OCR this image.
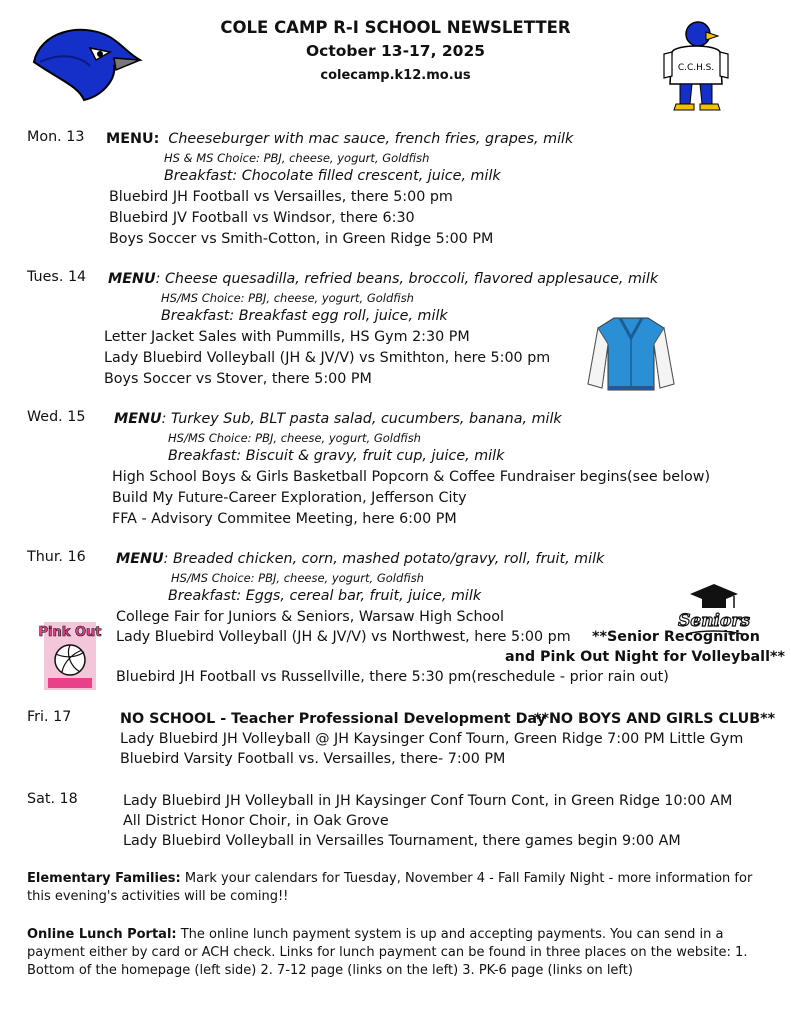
COLE CAMP R-I SCHOOL NEWSLETTER
October 13-17, 2025
colecamp.k12.mo.us	C.C.H.S.
Mon. 13 MENU: Cheeseburger with mac sauce, french fries, grapes, milk
HS & MS Choice: PBJ, cheese, yogurt, Goldfish
Breakfast: Chocolate filled crescent, juice, milk
Bluebird JH Football vs Versailles, there 5:00 pm
Bluebird JV Football vs Windsor, there 6:30
Boys Soccer vs Smith-Cotton, in Green Ridge 5:00 PM
Tues. 14 MENU: Cheese quesadilla, refried beans, broccoli, flavored applesauce, milk
HS/MS Choice: PBJ, cheese, yogurt, Goldfish
Breakfast: Breakfast egg roll, juice, milk
Letter Jacket Sales with Pummills, HS Gym 2:30 PM
Lady Bluebird Volleyball (JH & JV/V) vs Smithton, here 5:00 pm
Boys Soccer vs Stover, there 5:00 PM
Wed. 15 MENU: Turkey Sub, BLT pasta salad, cucumbers, banana, milk
HS/MS Choice: PBJ, cheese, yogurt, Goldfish
Breakfast: Biscuit & gravy, fruit cup, juice, milk
High School Boys & Girls Basketball Popcorn & Coffee Fundraiser begins(see below)
Build My Future-Career Exploration, Jefferson City
FFA - Advisory Commitee Meeting, here 6:00 PM
Thur. 16 MENU: Breaded chicken, corn, mashed potato/gravy, roll, fruit, milk
HS/MS Choice: PBJ, cheese, yogurt, Goldfish
Breakfast: Eggs, cereal bar, fruit, juice, milk
College Fair for Juniors & Seniors, Warsaw High School
Lady Bluebird Volleyball (JH & JV/V) vs Northwest, here 5:00 pm **Senior Recognition
and Pink Out Night for Volleyball**
Bluebird JH Football vs Russellville, there 5:30 pm(reschedule - prior rain out)
Seniors
Pink Out
Fri. 17	NO SCHOOL - Teacher Professional Development Day
**NO BOYS AND GIRLS CLUB**
Lady Bluebird JH Volleyball @ JH Kaysinger Conf Tourn, Green Ridge 7:00 PM Little Gym
Bluebird Varsity Football vs. Versailles, there- 7:00 PM
Sat. 18	Lady Bluebird JH Volleyball in JH Kaysinger Conf Tourn Cont, in Green Ridge 10:00 AM
All District Honor Choir, in Oak Grove
Lady Bluebird Volleyball in Versailles Tournament, there games begin 9:00 AM
Elementary Families: Mark your calendars for Tuesday, November 4 - Fall Family Night - more information for this evening's activities will be coming!!
Online Lunch Portal: The online lunch payment system is up and accepting payments. You can send in a payment either by card or ACH check. Links for lunch payment can be found in three places on the website: 1. Bottom of the homepage (left side) 2. 7-12 page (links on the left) 3. PK-6 page (links on left)
